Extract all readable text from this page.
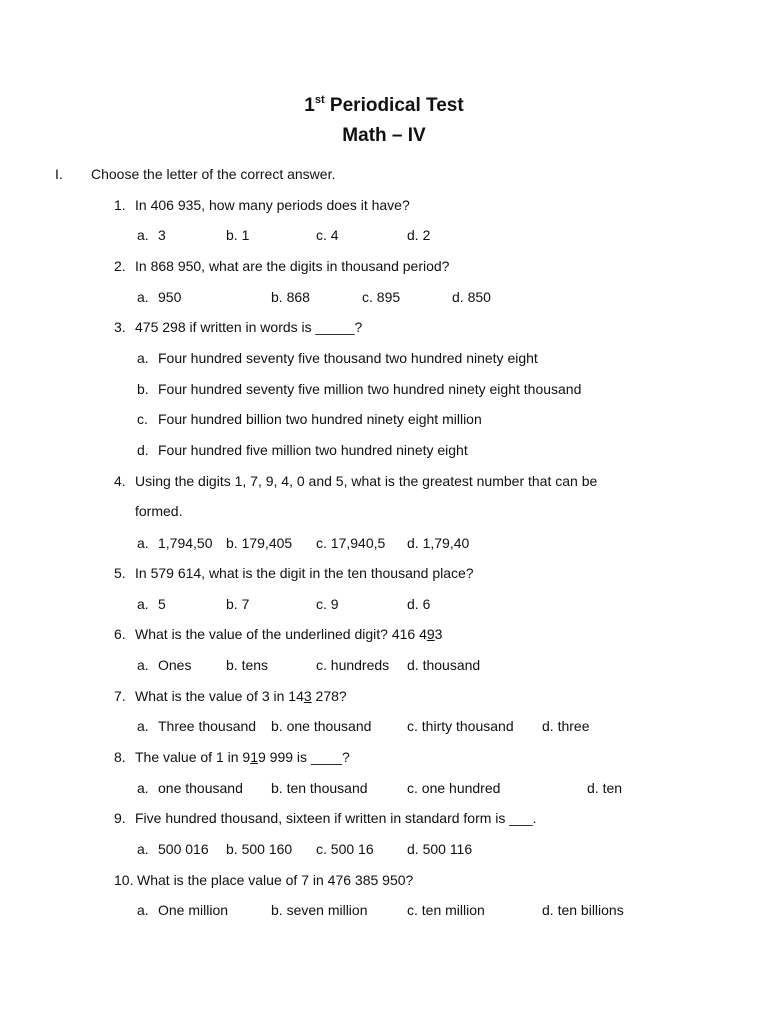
1st Periodical Test
Math – IV
I. Choose the letter of the correct answer.
1. In 406 935, how many periods does it have?
a. 3	b. 1	c. 4	d. 2
2. In 868 950, what are the digits in thousand period?
a. 950	b. 868	c. 895	d. 850
3. 475 298 if written in words is _____?
a. Four hundred seventy five thousand two hundred ninety eight
b. Four hundred seventy five million two hundred ninety eight thousand
c. Four hundred billion two hundred ninety eight million
d. Four hundred five million two hundred ninety eight
4. Using the digits 1, 7, 9, 4, 0 and 5, what is the greatest number that can be
formed.
a. 1,794,50 b. 179,405 c. 17,940,5 d. 1,79,40
5. In 579 614, what is the digit in the ten thousand place?
a. 5	b. 7	c. 9	d. 6
6. What is the value of the underlined digit? 416 493
a. Ones b. tens	c. hundreds d. thousand
7. What is the value of 3 in 143 278?
a. Three thousand b. one thousand	c. thirty thousand d. three
8. The value of 1 in 919 999 is ____?
a. one thousand b. ten thousand	c. one hundred	d. ten
9. Five hundred thousand, sixteen if written in standard form is ___.
a. 500 016 b. 500 160 c. 500 16 d. 500 116
10. What is the place value of 7 in 476 385 950?
a. One million	b. seven million	c. ten million	d. ten billions
